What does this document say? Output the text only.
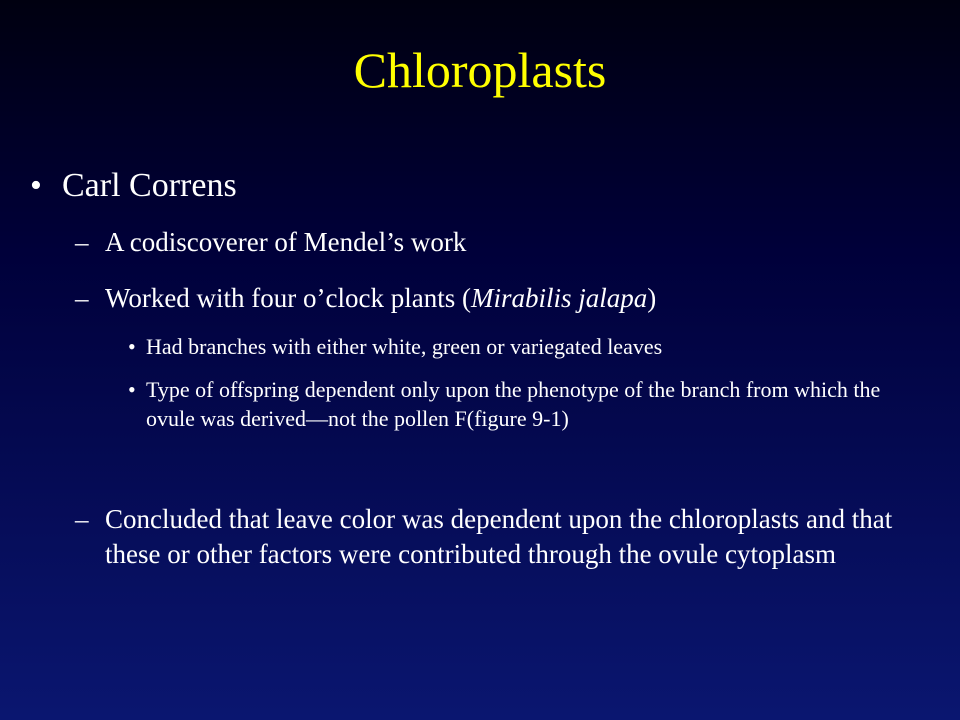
Chloroplasts
• Carl Correns
– A codiscoverer of Mendel’s work
– Worked with four o’clock plants (Mirabilis jalapa)
• Had branches with either white, green or variegated leaves
• Type of offspring dependent only upon the phenotype of the branch from which the ovule was derived—not the pollen F(figure 9-1)
– Concluded that leave color was dependent upon the chloroplasts and that these or other factors were contributed through the ovule cytoplasm
